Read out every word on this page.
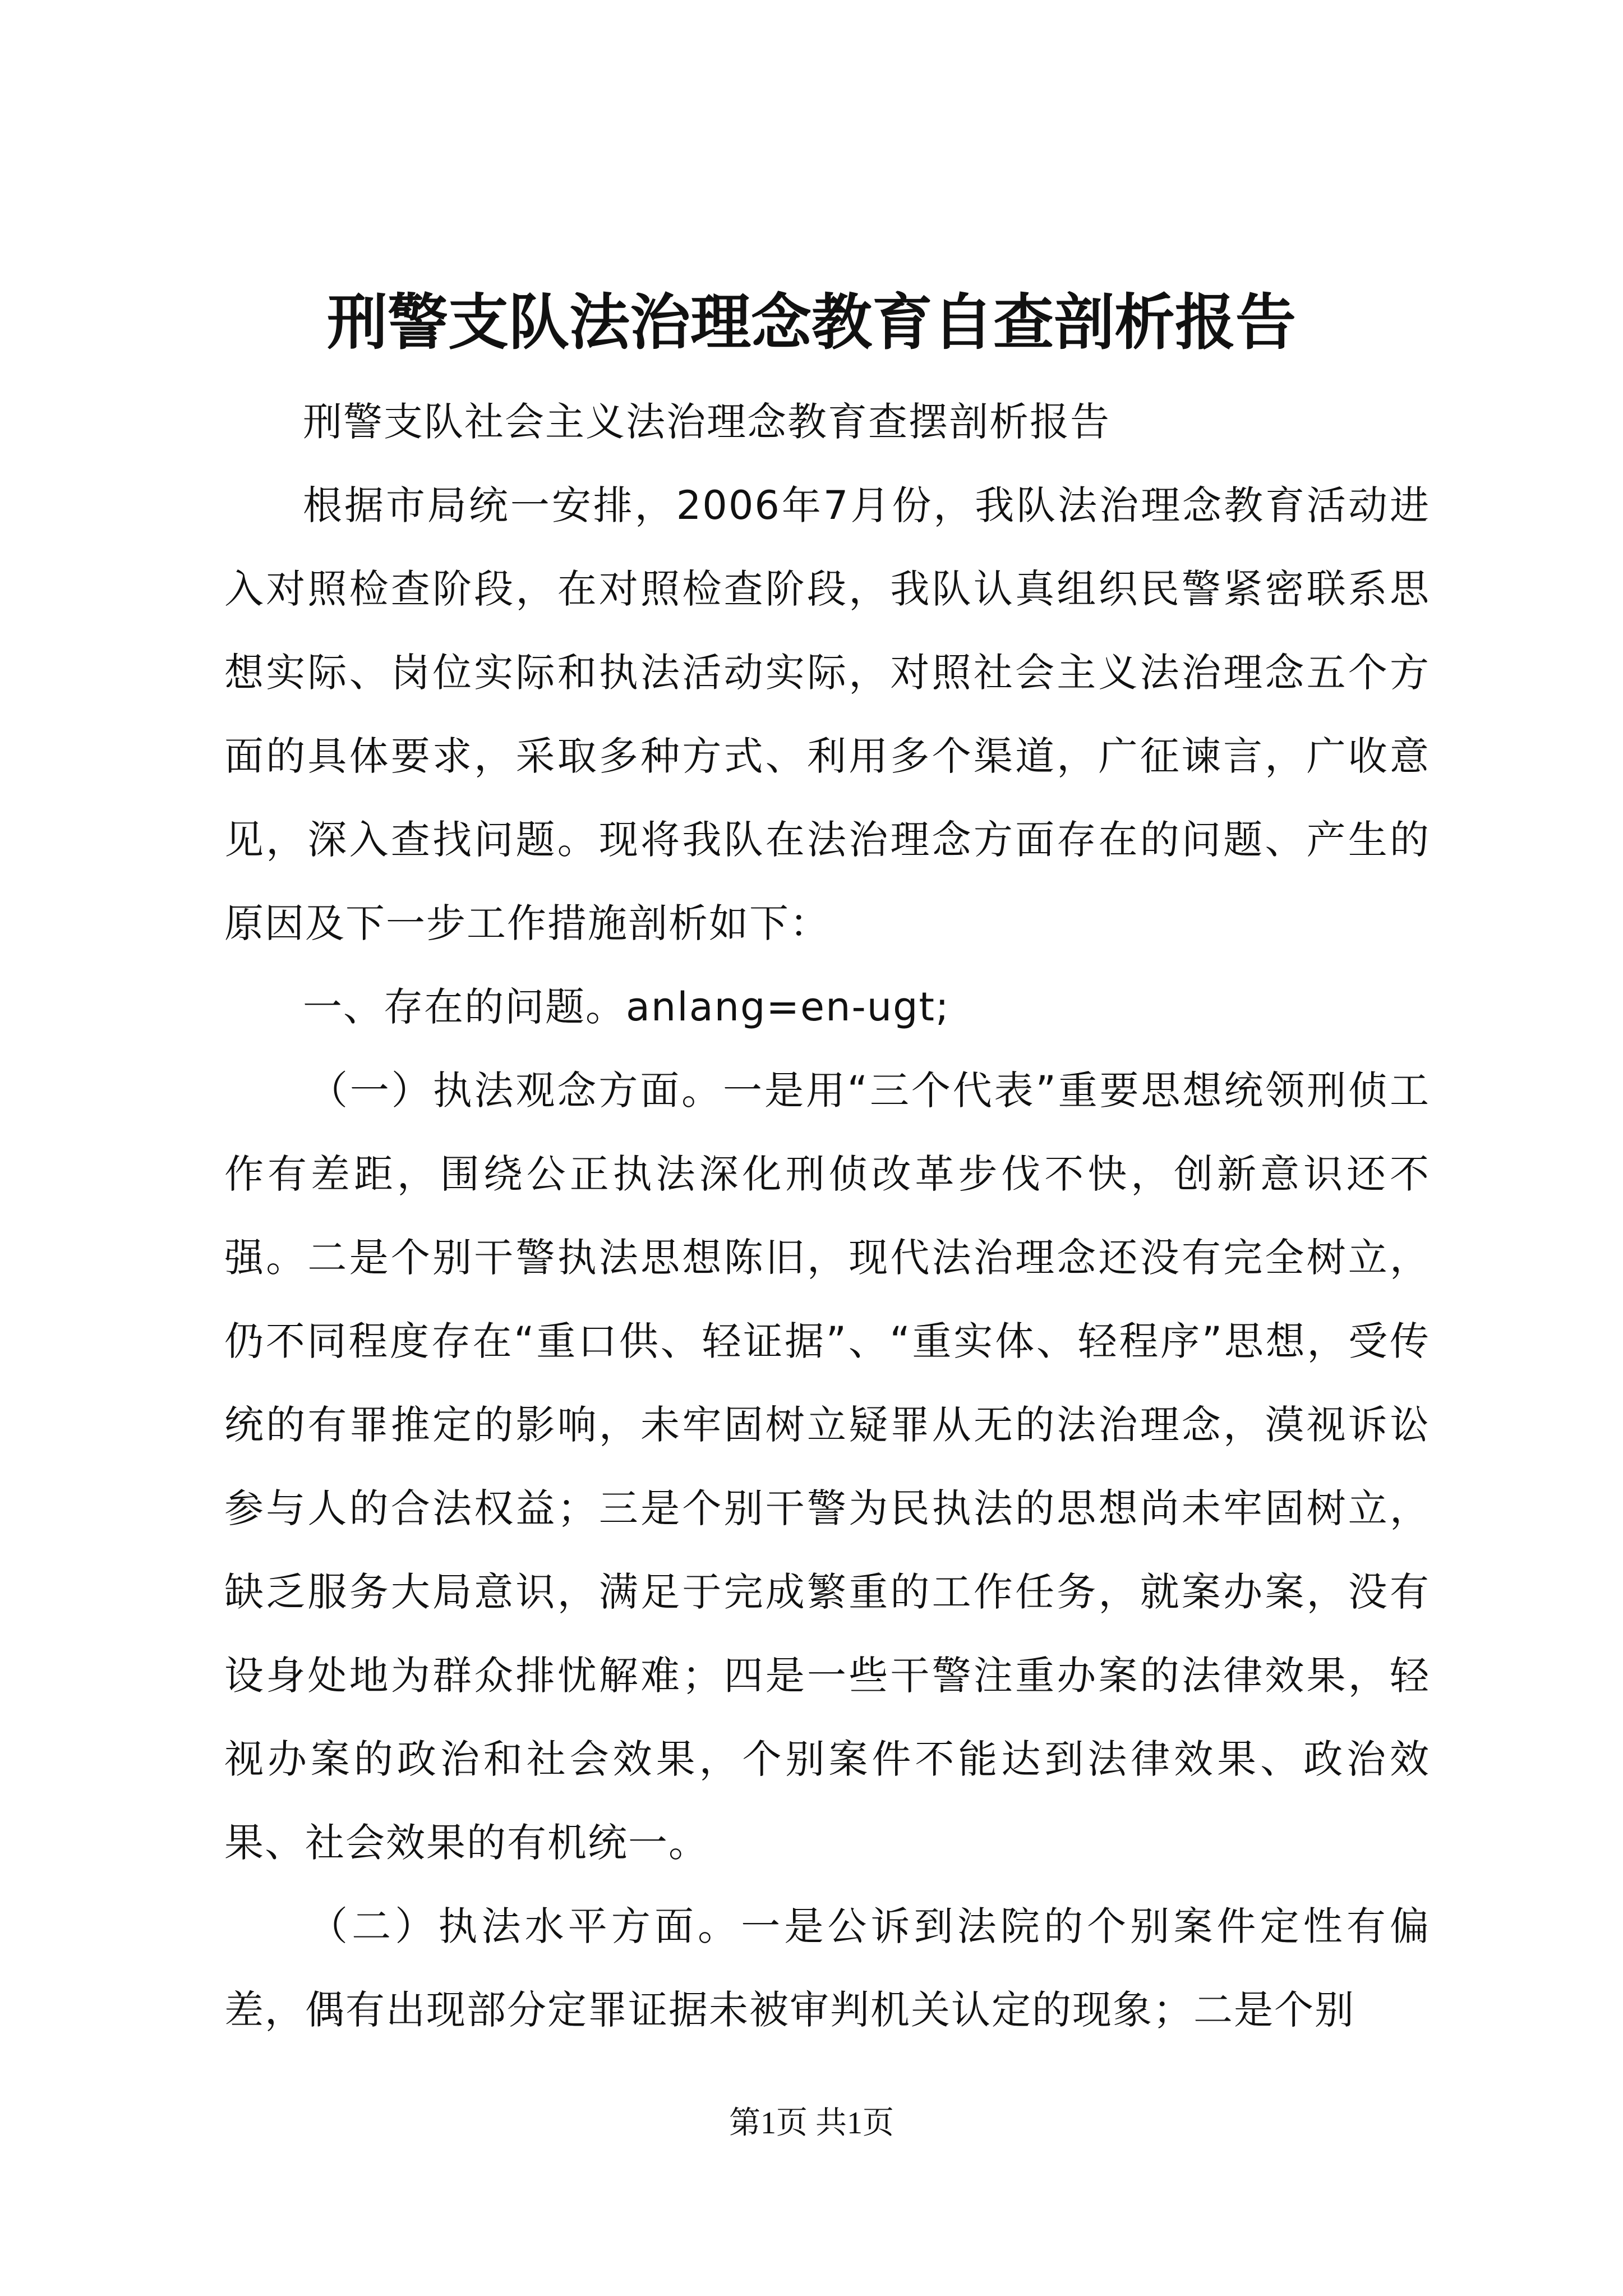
刑警支队法治理念教育自查剖析报告

刑警支队社会主义法治理念教育查摆剖析报告

根据市局统一安排，2006年7月份，我队法治理念教育活动进入对照检查阶段，在对照检查阶段，我队认真组织民警紧密联系思想实际、岗位实际和执法活动实际，对照社会主义法治理念五个方面的具体要求，采取多种方式、利用多个渠道，广征谏言，广收意见，深入查找问题。现将我队在法治理念方面存在的问题、产生的原因及下一步工作措施剖析如下：

一、存在的问题。anlang=en-ugt;

（一）执法观念方面。一是用“三个代表”重要思想统领刑侦工作有差距，围绕公正执法深化刑侦改革步伐不快，创新意识还不强。二是个别干警执法思想陈旧，现代法治理念还没有完全树立，仍不同程度存在“重口供、轻证据”、“重实体、轻程序”思想，受传统的有罪推定的影响，未牢固树立疑罪从无的法治理念，漠视诉讼参与人的合法权益；三是个别干警为民执法的思想尚未牢固树立，缺乏服务大局意识，满足于完成繁重的工作任务，就案办案，没有设身处地为群众排忧解难；四是一些干警注重办案的法律效果，轻视办案的政治和社会效果，个别案件不能达到法律效果、政治效果、社会效果的有机统一。

（二）执法水平方面。一是公诉到法院的个别案件定性有偏差，偶有出现部分定罪证据未被审判机关认定的现象；二是个别

第1页 共1页
